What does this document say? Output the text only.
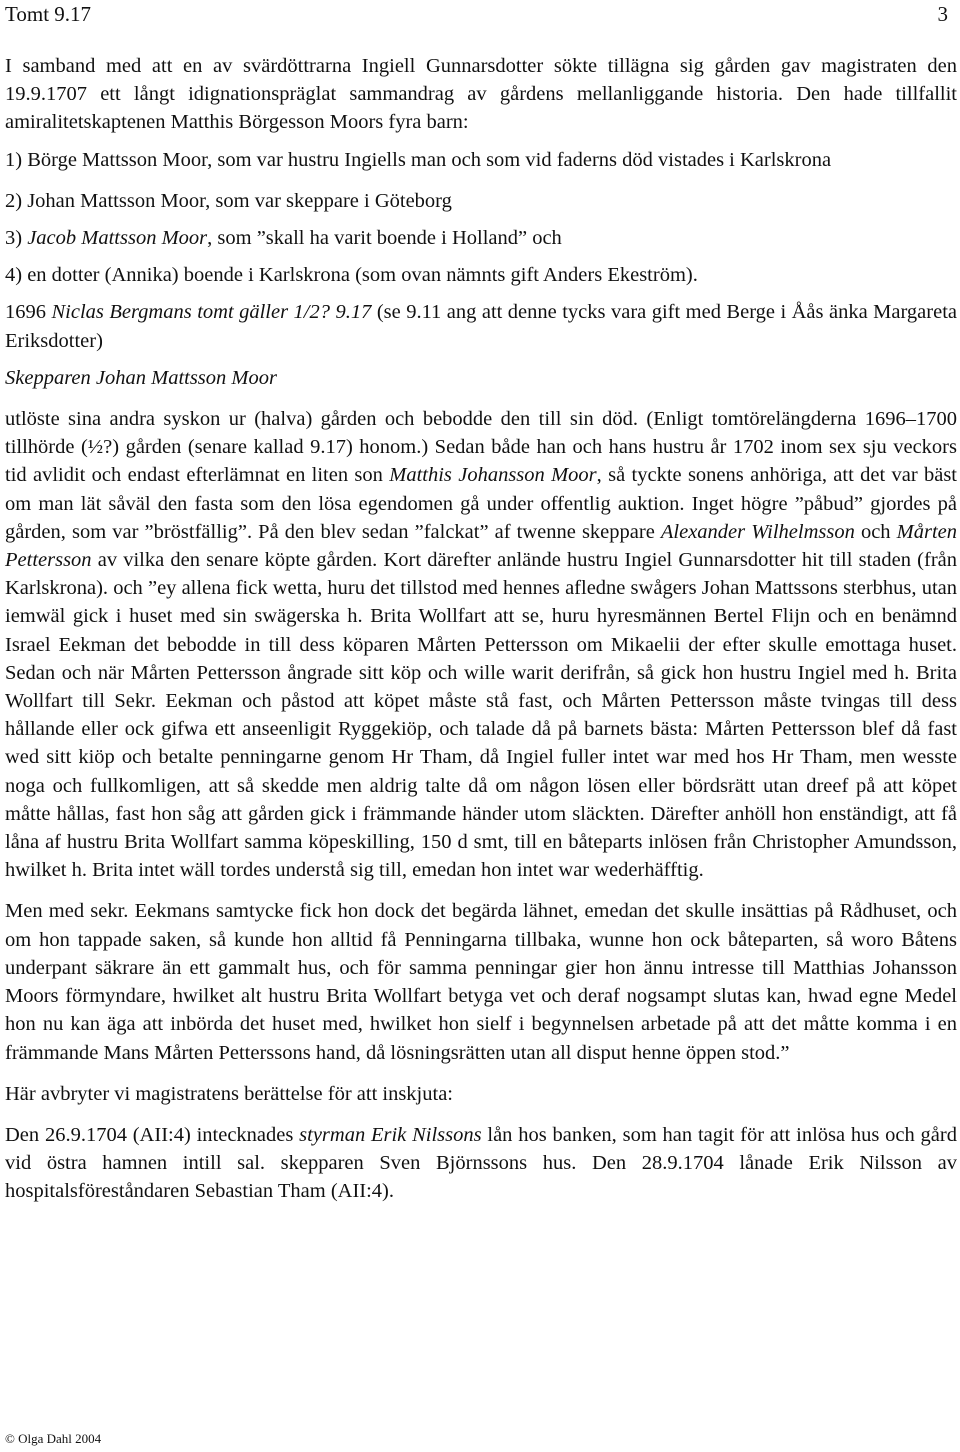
Tomt 9.17	3

I samband med att en av svärdöttrarna Ingiell Gunnarsdotter sökte tillägna sig gården gav magistraten den 19.9.1707 ett långt idignationspräglat sammandrag av gårdens mellanliggande historia. Den hade tillfallit amiralitetskaptenen Matthis Börgesson Moors fyra barn:

1) Börge Mattsson Moor, som var hustru Ingiells man och som vid faderns död vistades i Karlskrona

2) Johan Mattsson Moor, som var skeppare i Göteborg

3) Jacob Mattsson Moor, som ”skall ha varit boende i Holland” och

4) en dotter (Annika) boende i Karlskrona (som ovan nämnts gift Anders Ekeström).

1696 Niclas Bergmans tomt gäller 1/2? 9.17 (se 9.11 ang att denne tycks vara gift med Berge i Åås änka Margareta Eriksdotter)

Skepparen Johan Mattsson Moor

utlöste sina andra syskon ur (halva) gården och bebodde den till sin död. (Enligt tomtörelängderna 1696–1700 tillhörde (½?) gården (senare kallad 9.17) honom.) Sedan både han och hans hustru år 1702 inom sex sju veckors tid avlidit och endast efterlämnat en liten son Matthis Johansson Moor, så tyckte sonens anhöriga, att det var bäst om man lät såväl den fasta som den lösa egendomen gå under offentlig auktion. Inget högre ”påbud” gjordes på gården, som var ”bröstfällig”. På den blev sedan ”falckat” af twenne skeppare Alexander Wilhelmsson och Mårten Pettersson av vilka den senare köpte gården. Kort därefter anlände hustru Ingiel Gunnarsdotter hit till staden (från Karlskrona). och ”ey allena fick wetta, huru det tillstod med hennes afledne swågers Johan Mattssons sterbhus, utan iemwäl gick i huset med sin swägerska h. Brita Wollfart att se, huru hyresmännen Bertel Flijn och en benämnd Israel Eekman det bebodde in till dess köparen Mårten Pettersson om Mikaelii der efter skulle emottaga huset. Sedan och när Mårten Pettersson ångrade sitt köp och wille warit derifrån, så gick hon hustru Ingiel med h. Brita Wollfart till Sekr. Eekman och påstod att köpet måste stå fast, och Mårten Pettersson måste tvingas till dess hållande eller ock gifwa ett anseenligit Ryggekiöp, och talade då på barnets bästa: Mårten Pettersson blef då fast wed sitt kiöp och betalte penningarne genom Hr Tham, då Ingiel fuller intet war med hos Hr Tham, men wesste noga och fullkomligen, att så skedde men aldrig talte då om någon lösen eller bördsrätt utan dreef på att köpet måtte hållas, fast hon såg att gården gick i främmande händer utom släckten. Därefter anhöll hon enständigt, att få låna af hustru Brita Wollfart samma köpeskilling, 150 d smt, till en båteparts inlösen från Christopher Amundsson, hwilket h. Brita intet wäll tordes understå sig till, emedan hon intet war wederhäfftig.

Men med sekr. Eekmans samtycke fick hon dock det begärda lähnet, emedan det skulle insättias på Rådhuset, och om hon tappade saken, så kunde hon alltid få Penningarna tillbaka, wunne hon ock båteparten, så woro Båtens underpant säkrare än ett gammalt hus, och för samma penningar gier hon ännu intresse till Matthias Johansson Moors förmyndare, hwilket alt hustru Brita Wollfart betyga vet och deraf nogsampt slutas kan, hwad egne Medel hon nu kan äga att inbörda det huset med, hwilket hon sielf i begynnelsen arbetade på att det måtte komma i en främmande Mans Mårten Petterssons hand, då lösningsrätten utan all disput henne öppen stod.”

Här avbryter vi magistratens berättelse för att inskjuta:

Den 26.9.1704 (AII:4) intecknades styrman Erik Nilssons lån hos banken, som han tagit för att inlösa hus och gård vid östra hamnen intill sal. skepparen Sven Björnssons hus. Den 28.9.1704 lånade Erik Nilsson av hospitalsföreståndaren Sebastian Tham (AII:4).

© Olga Dahl 2004
